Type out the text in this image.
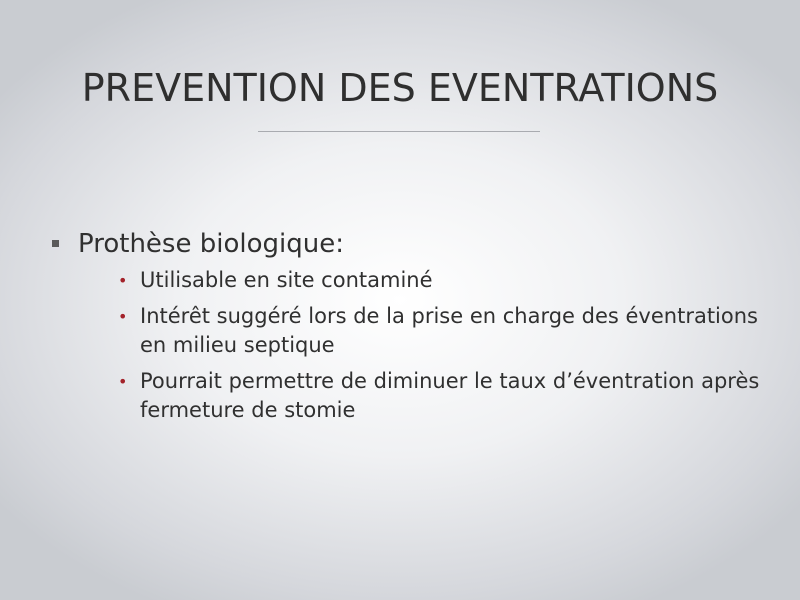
PREVENTION DES EVENTRATIONS
Prothèse biologique:
• Utilisable en site contaminé
• Intérêt suggéré lors de la prise en charge des éventrations en milieu septique
• Pourrait permettre de diminuer le taux d’éventration après fermeture de stomie
